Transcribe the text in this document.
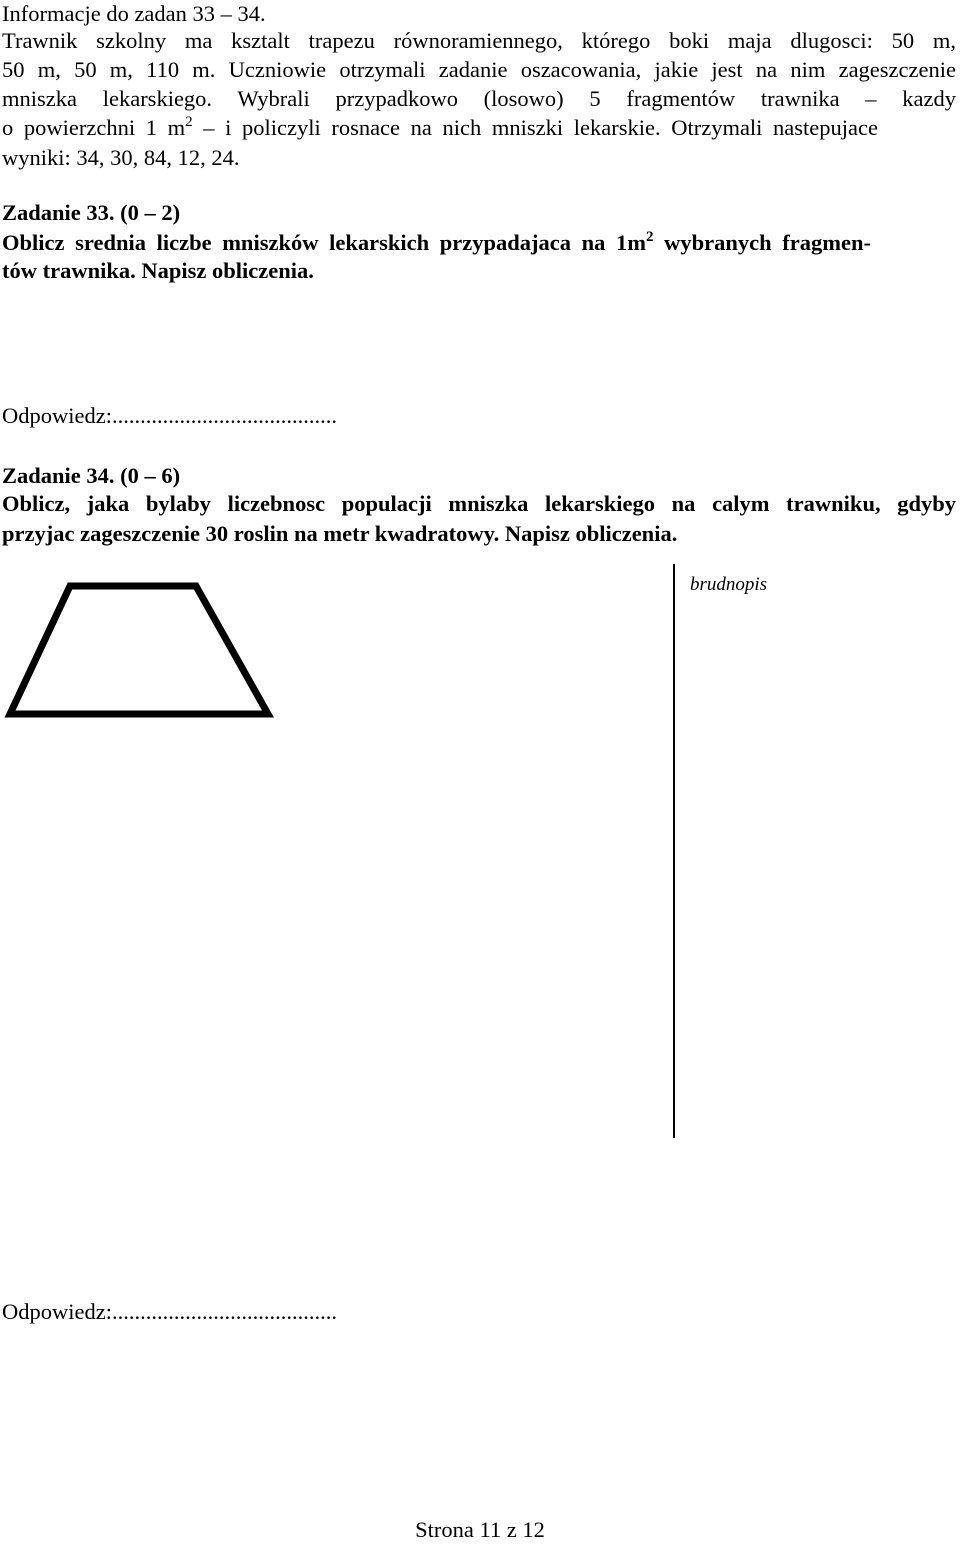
Informacje do zadan 33 – 34.
Trawnik szkolny ma ksztalt trapezu równoramiennego, którego boki maja dlugosci: 50 m,
50 m, 50 m, 110 m. Uczniowie otrzymali zadanie oszacowania, jakie jest na nim zageszczenie
mniszka lekarskiego. Wybrali przypadkowo (losowo) 5 fragmentów trawnika – kazdy
o powierzchni 1 $m^2$ – i policzyli rosnace na nich mniszki lekarskie. Otrzymali nastepujace
wyniki: 34, 30, 84, 12, 24.
Zadanie 33. (0 – 2)
Oblicz srednia liczbe mniszków lekarskich przypadajaca na $1m^2$ wybranych fragmen-
tów trawnika. Napisz obliczenia.
Odpowiedz:........................................
Zadanie 34. (0 – 6)
Oblicz, jaka bylaby liczebnosc populacji mniszka lekarskiego na calym trawniku, gdyby
przyjac zageszczenie 30 roslin na metr kwadratowy. Napisz obliczenia.
brudnopis
Odpowiedz:........................................
Strona 11 z 12
